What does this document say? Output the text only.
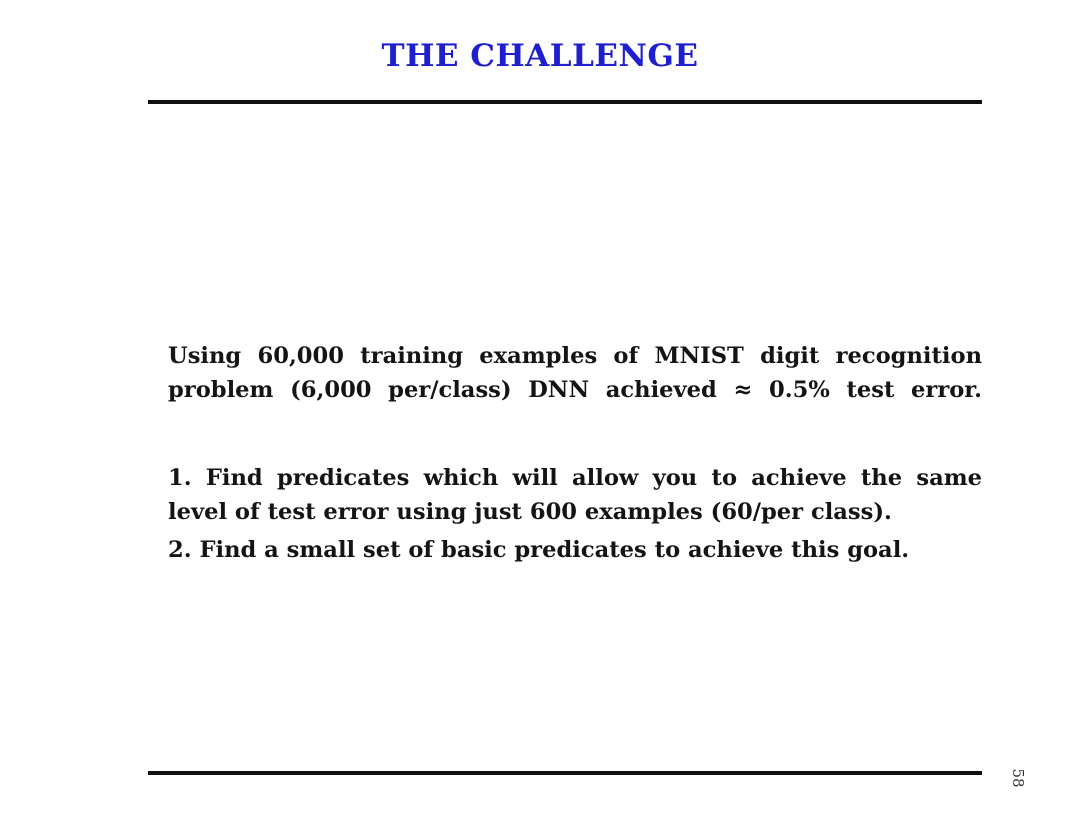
THE CHALLENGE
Using 60,000 training examples of MNIST digit recognition
problem (6,000 per/class) DNN achieved ≈ 0.5% test error.
1. Find predicates which will allow you to achieve the same
level of test error using just 600 examples (60/per class).
2. Find a small set of basic predicates to achieve this goal.
58
